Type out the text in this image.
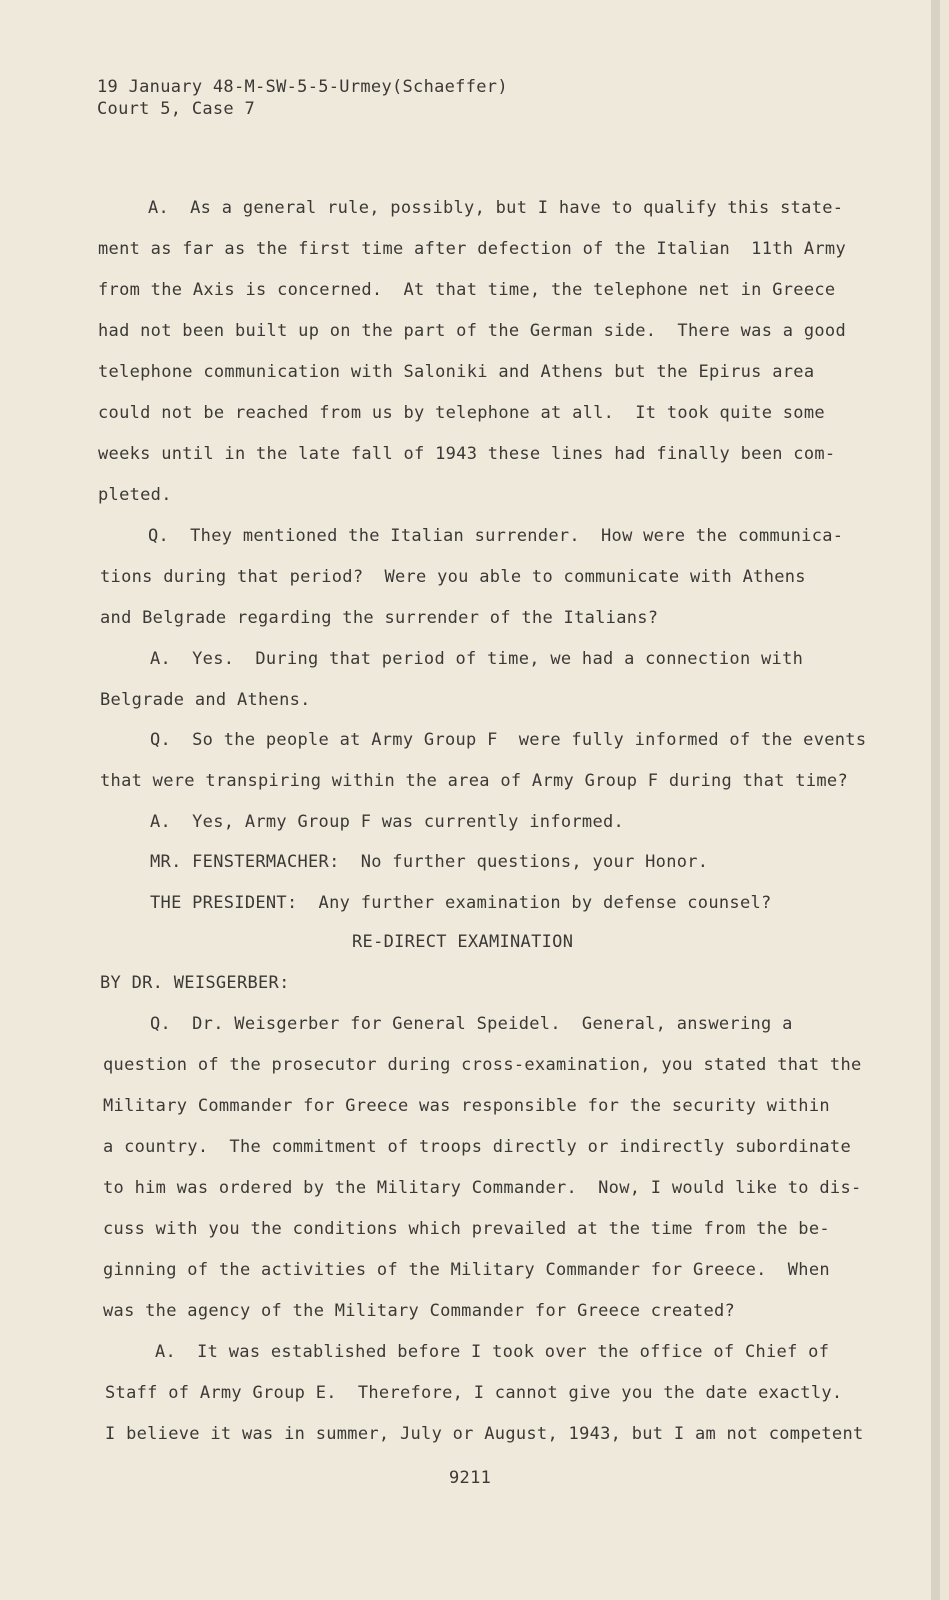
19 January 48-M-SW-5-5-Urmey(Schaeffer)
Court 5, Case 7
A.  As a general rule, possibly, but I have to qualify this state-
ment as far as the first time after defection of the Italian  11th Army
from the Axis is concerned.  At that time, the telephone net in Greece
had not been built up on the part of the German side.  There was a good
telephone communication with Saloniki and Athens but the Epirus area
could not be reached from us by telephone at all.  It took quite some
weeks until in the late fall of 1943 these lines had finally been com-
pleted.
Q.  They mentioned the Italian surrender.  How were the communica-
tions during that period?  Were you able to communicate with Athens
and Belgrade regarding the surrender of the Italians?
A.  Yes.  During that period of time, we had a connection with
Belgrade and Athens.
Q.  So the people at Army Group F  were fully informed of the events
that were transpiring within the area of Army Group F during that time?
A.  Yes, Army Group F was currently informed.
MR. FENSTERMACHER:  No further questions, your Honor.
THE PRESIDENT:  Any further examination by defense counsel?
RE-DIRECT EXAMINATION
BY DR. WEISGERBER:
Q.  Dr. Weisgerber for General Speidel.  General, answering a
question of the prosecutor during cross-examination, you stated that the
Military Commander for Greece was responsible for the security within
a country.  The commitment of troops directly or indirectly subordinate
to him was ordered by the Military Commander.  Now, I would like to dis-
cuss with you the conditions which prevailed at the time from the be-
ginning of the activities of the Military Commander for Greece.  When
was the agency of the Military Commander for Greece created?
A.  It was established before I took over the office of Chief of
Staff of Army Group E.  Therefore, I cannot give you the date exactly.
I believe it was in summer, July or August, 1943, but I am not competent
9211
